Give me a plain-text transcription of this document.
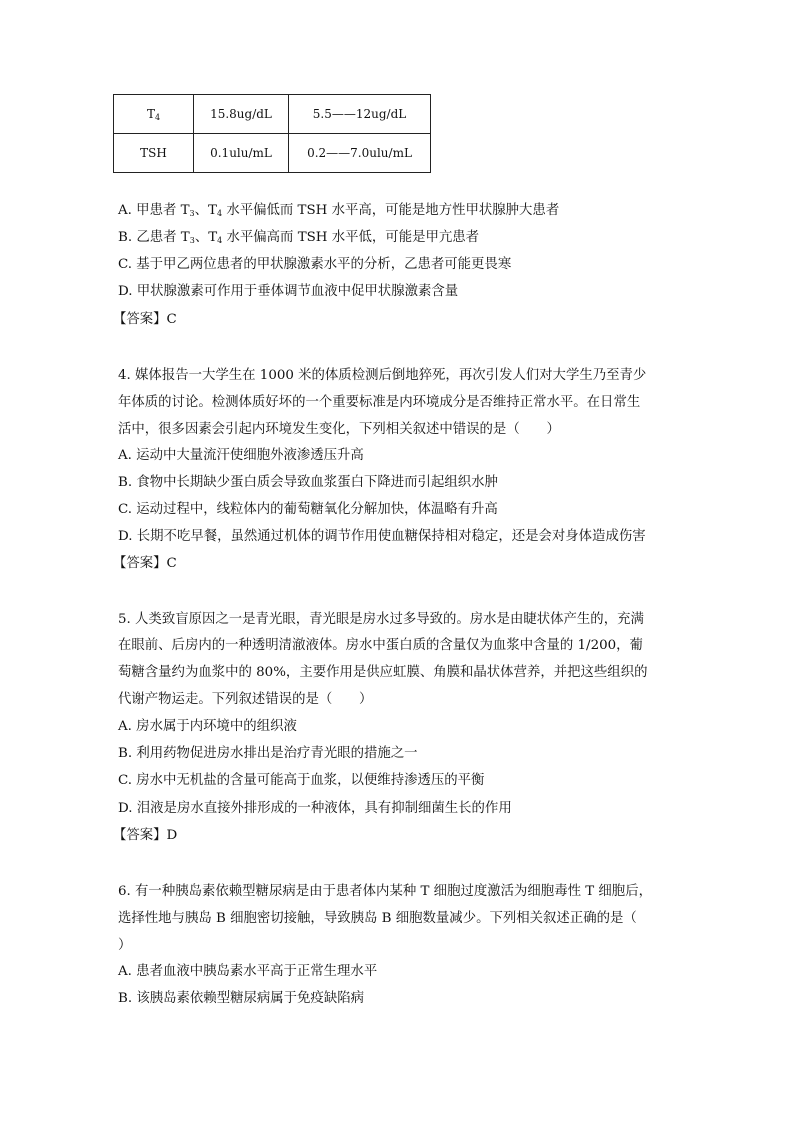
$T_4$	15.8ug/dL	5.5——12ug/dL
TSH	0.1ulu/mL	0.2——7.0ulu/mL
A. 甲患者 $T_3$、$T_4$ 水平偏低而 TSH 水平高，可能是地方性甲状腺肿大患者
B. 乙患者 $T_3$、$T_4$ 水平偏高而 TSH 水平低，可能是甲亢患者
C. 基于甲乙两位患者的甲状腺激素水平的分析，乙患者可能更畏寒
D. 甲状腺激素可作用于垂体调节血液中促甲状腺激素含量
【答案】C
4. 媒体报告一大学生在 1000 米的体质检测后倒地猝死，再次引发人们对大学生乃至青少
年体质的讨论。检测体质好坏的一个重要标准是内环境成分是否维持正常水平。在日常生
活中，很多因素会引起内环境发生变化，下列相关叙述中错误的是（　　）
A. 运动中大量流汗使细胞外液渗透压升高
B. 食物中长期缺少蛋白质会导致血浆蛋白下降进而引起组织水肿
C. 运动过程中，线粒体内的葡萄糖氧化分解加快，体温略有升高
D. 长期不吃早餐，虽然通过机体的调节作用使血糖保持相对稳定，还是会对身体造成伤害
【答案】C
5. 人类致盲原因之一是青光眼，青光眼是房水过多导致的。房水是由睫状体产生的，充满
在眼前、后房内的一种透明清澈液体。房水中蛋白质的含量仅为血浆中含量的 1/200，葡
萄糖含量约为血浆中的 80%，主要作用是供应虹膜、角膜和晶状体营养，并把这些组织的
代谢产物运走。下列叙述错误的是（　　）
A. 房水属于内环境中的组织液
B. 利用药物促进房水排出是治疗青光眼的措施之一
C. 房水中无机盐的含量可能高于血浆，以便维持渗透压的平衡
D. 泪液是房水直接外排形成的一种液体，具有抑制细菌生长的作用
【答案】D
6. 有一种胰岛素依赖型糖尿病是由于患者体内某种 T 细胞过度激活为细胞毒性 T 细胞后，
选择性地与胰岛 B 细胞密切接触，导致胰岛 B 细胞数量减少。下列相关叙述正确的是（
）
A. 患者血液中胰岛素水平高于正常生理水平
B. 该胰岛素依赖型糖尿病属于免疫缺陷病
